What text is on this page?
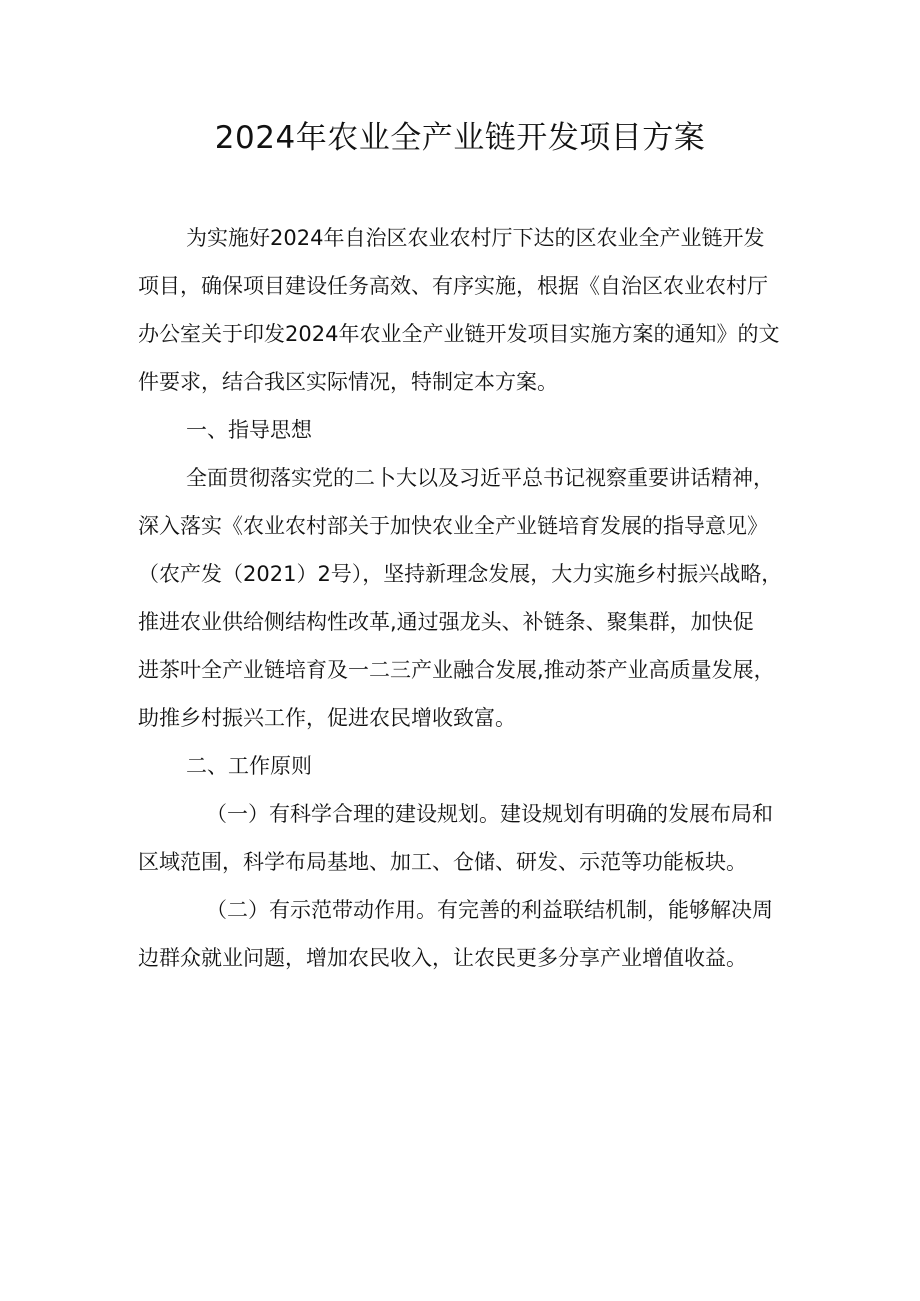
2024年农业全产业链开发项目方案
为实施好2024年自治区农业农村厅下达的区农业全产业链开发
项目，确保项目建设任务高效、有序实施，根据《自治区农业农村厅
办公室关于印发2024年农业全产业链开发项目实施方案的通知》的文
件要求，结合我区实际情况，特制定本方案。
一、指导思想
全面贯彻落实党的二卜大以及习近平总书记视察重要讲话精神，
深入落实《农业农村部关于加快农业全产业链培育发展的指导意见》
（农产发（2021）2号），坚持新理念发展，大力实施乡村振兴战略，
推进农业供给侧结构性改革,通过强龙头、补链条、聚集群，加快促
进茶叶全产业链培育及一二三产业融合发展,推动茶产业高质量发展，
助推乡村振兴工作，促进农民增收致富。
二、工作原则
（一）有科学合理的建设规划。建设规划有明确的发展布局和
区域范围，科学布局基地、加工、仓储、研发、示范等功能板块。
（二）有示范带动作用。有完善的利益联结机制，能够解决周
边群众就业问题，增加农民收入，让农民更多分享产业增值收益。
